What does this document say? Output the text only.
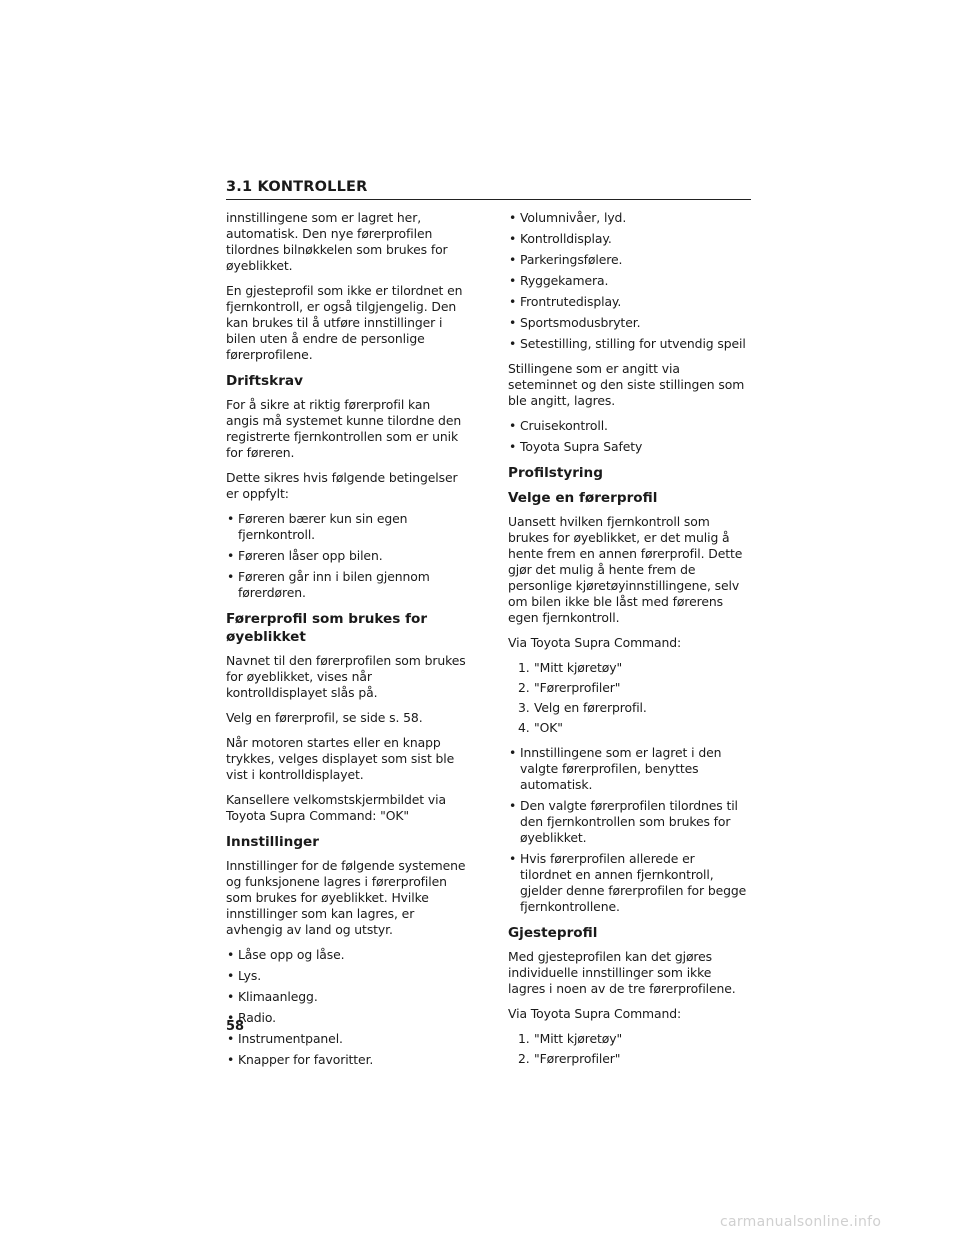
3.1 KONTROLLER

innstillingene som er lagret her, automatisk. Den nye førerprofilen tilordnes bilnøkkelen som brukes for øyeblikket.

En gjesteprofil som ikke er tilordnet en fjernkontroll, er også tilgjengelig. Den kan brukes til å utføre innstillinger i bilen uten å endre de personlige førerprofilene.

Driftskrav

For å sikre at riktig førerprofil kan angis må systemet kunne tilordne den registrerte fjernkontrollen som er unik for føreren.

Dette sikres hvis følgende betingelser er oppfylt:

• Føreren bærer kun sin egen fjernkontroll.
• Føreren låser opp bilen.
• Føreren går inn i bilen gjennom førerdøren.
Førerprofil som brukes for øyeblikket

Navnet til den førerprofilen som brukes for øyeblikket, vises når kontrolldisplayet slås på.

Velg en førerprofil, se side s. 58.

Når motoren startes eller en knapp trykkes, velges displayet som sist ble vist i kontrolldisplayet.

Kansellere velkomstskjermbildet via Toyota Supra Command: "OK"

Innstillinger

Innstillinger for de følgende systemene og funksjonene lagres i førerprofilen som brukes for øyeblikket. Hvilke innstillinger som kan lagres, er avhengig av land og utstyr.

• Låse opp og låse.
• Lys.
• Klimaanlegg.
• Radio.
• Instrumentpanel.
• Knapper for favoritter.
• Volumnivåer, lyd.
• Kontrolldisplay.
• Parkeringsfølere.
• Ryggekamera.
• Frontrutedisplay.
• Sportsmodusbryter.
• Setestilling, stilling for utvendig speil

Stillingene som er angitt via seteminnet og den siste stillingen som ble angitt, lagres.

• Cruisekontroll.
• Toyota Supra Safety
Profilstyring
Velge en førerprofil

Uansett hvilken fjernkontroll som brukes for øyeblikket, er det mulig å hente frem en annen førerprofil. Dette gjør det mulig å hente frem de personlige kjøretøyinnstillingene, selv om bilen ikke ble låst med førerens egen fjernkontroll.

Via Toyota Supra Command:

1. "Mitt kjøretøy"
2. "Førerprofiler"
3. Velg en førerprofil.
4. "OK"
• Innstillingene som er lagret i den valgte førerprofilen, benyttes automatisk.
• Den valgte førerprofilen tilordnes til den fjernkontrollen som brukes for øyeblikket.
• Hvis førerprofilen allerede er tilordnet en annen fjernkontroll, gjelder denne førerprofilen for begge fjernkontrollene.
Gjesteprofil

Med gjesteprofilen kan det gjøres individuelle innstillinger som ikke lagres i noen av de tre førerprofilene.

Via Toyota Supra Command:

1. "Mitt kjøretøy"
2. "Førerprofiler"
58
carmanualsonline.info
